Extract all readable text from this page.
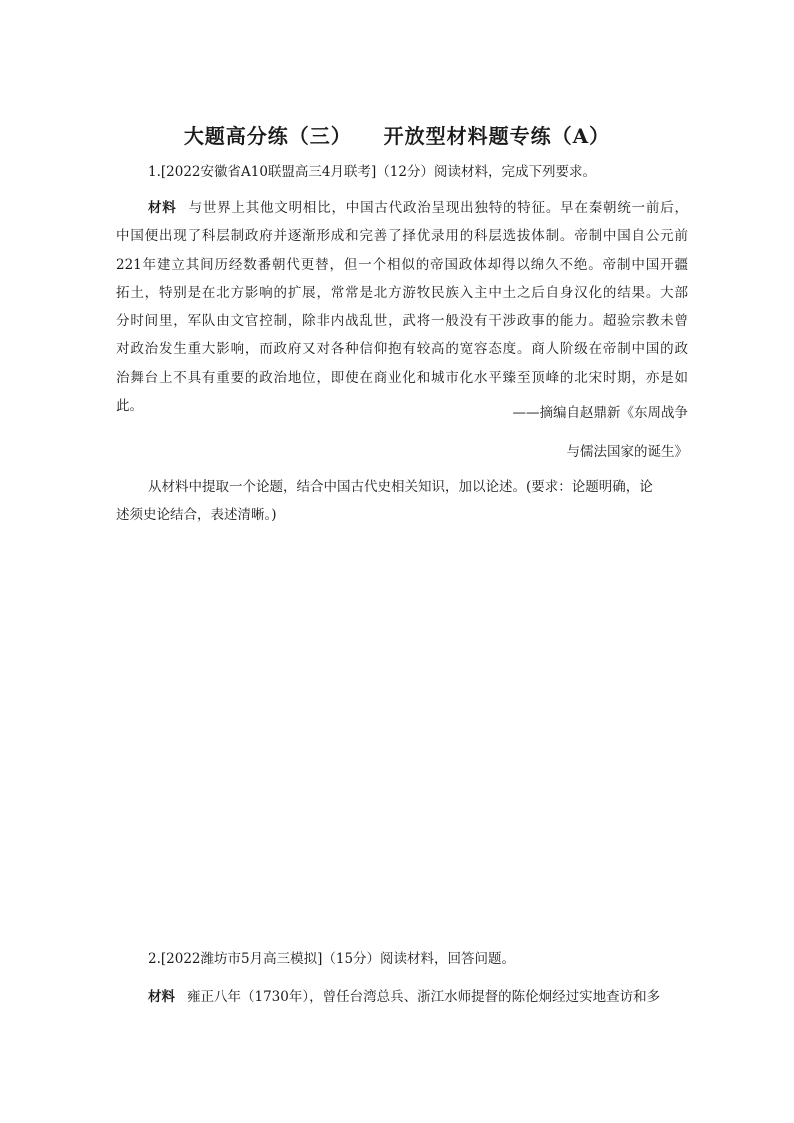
大题高分练（三）    开放型材料题专练（A）
1.[2022安徽省A10联盟高三4月联考]（12分）阅读材料，完成下列要求。
材料 与世界上其他文明相比，中国古代政治呈现出独特的特征。早在秦朝统一前后，
中国便出现了科层制政府并逐渐形成和完善了择优录用的科层选拔体制。帝制中国自公元前
221年建立其间历经数番朝代更替，但一个相似的帝国政体却得以绵久不绝。帝制中国开疆
拓土，特别是在北方影响的扩展，常常是北方游牧民族入主中土之后自身汉化的结果。大部
分时间里，军队由文官控制，除非内战乱世，武将一般没有干涉政事的能力。超验宗教未曾
对政治发生重大影响，而政府又对各种信仰抱有较高的宽容态度。商人阶级在帝制中国的政
治舞台上不具有重要的政治地位，即使在商业化和城市化水平臻至顶峰的北宋时期，亦是如
此。	——摘编自赵鼎新《东周战争
与儒法国家的诞生》
从材料中提取一个论题，结合中国古代史相关知识，加以论述。(要求：论题明确，论
述须史论结合，表述清晰。)
2.[2022潍坊市5月高三模拟]（15分）阅读材料，回答问题。
材料 雍正八年（1730年），曾任台湾总兵、浙江水师提督的陈伦炯经过实地查访和多
